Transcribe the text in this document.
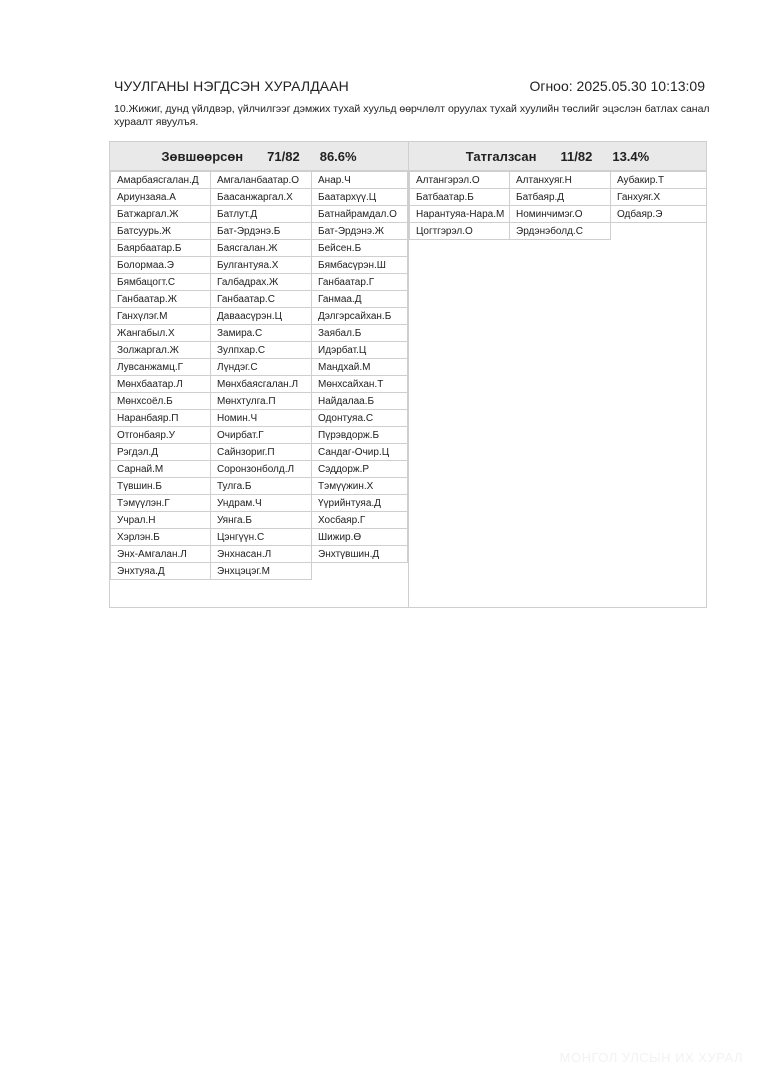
ЧУУЛГАНЫ НЭГДСЭН ХУРАЛДААН	Огноо: 2025.05.30 10:13:09
10.Жижиг, дунд үйлдвэр, үйлчилгээг дэмжих тухай хуульд өөрчлөлт оруулах тухай хуулийн төслийг эцэслэн батлах санал хураалт явуулъя.
Зөвшөөрсөн 71/82 86.6%
Амарбаясгалан.Д	Амгаланбаатар.О	Анар.Ч
Ариунзаяа.А	Баасанжаргал.Х	Баатархүү.Ц
Батжаргал.Ж	Батлут.Д	Батнайрамдал.О
Батсуурь.Ж	Бат-Эрдэнэ.Б	Бат-Эрдэнэ.Ж
Баярбаатар.Б	Баясгалан.Ж	Бейсен.Б
Болормаа.Э	Булгантуяа.Х	Бямбасүрэн.Ш
Бямбацогт.С	Галбадрах.Ж	Ганбаатар.Г
Ганбаатар.Ж	Ганбаатар.С	Ганмаа.Д
Ганхүлэг.М	Даваасүрэн.Ц	Дэлгэрсайхан.Б
Жангабыл.Х	Замира.С	Заябал.Б
Золжаргал.Ж	Зулпхар.С	Идэрбат.Ц
Лувсанжамц.Г	Лүндэг.С	Мандхай.М
Мөнхбаатар.Л	Мөнхбаясгалан.Л	Мөнхсайхан.Т
Мөнхсоёл.Б	Мөнхтулга.П	Найдалаа.Б
Наранбаяр.П	Номин.Ч	Одонтуяа.С
Отгонбаяр.У	Очирбат.Г	Пүрэвдорж.Б
Рэгдэл.Д	Сайнзориг.П	Сандаг-Очир.Ц
Сарнай.М	Соронзонболд.Л	Сэддорж.Р
Түвшин.Б	Тулга.Б	Тэмүүжин.Х
Тэмүүлэн.Г	Ундрам.Ч	Үүрийнтуяа.Д
Учрал.Н	Уянга.Б	Хосбаяр.Г
Хэрлэн.Б	Цэнгүүн.С	Шижир.Ө
Энх-Амгалан.Л	Энхнасан.Л	Энхтүвшин.Д
Энхтуяа.Д	Энхцэцэг.М
Татгалзсан 11/82 13.4%
Алтангэрэл.О	Алтанхуяг.Н	Аубакир.Т
Батбаатар.Б	Батбаяр.Д	Ганхуяг.Х
Нарантуяа-Нара.М	Номинчимэг.О	Одбаяр.Э
Цогтгэрэл.О	Эрдэнэболд.С
МОНГОЛ УЛСЫН ИХ ХУРАЛ
